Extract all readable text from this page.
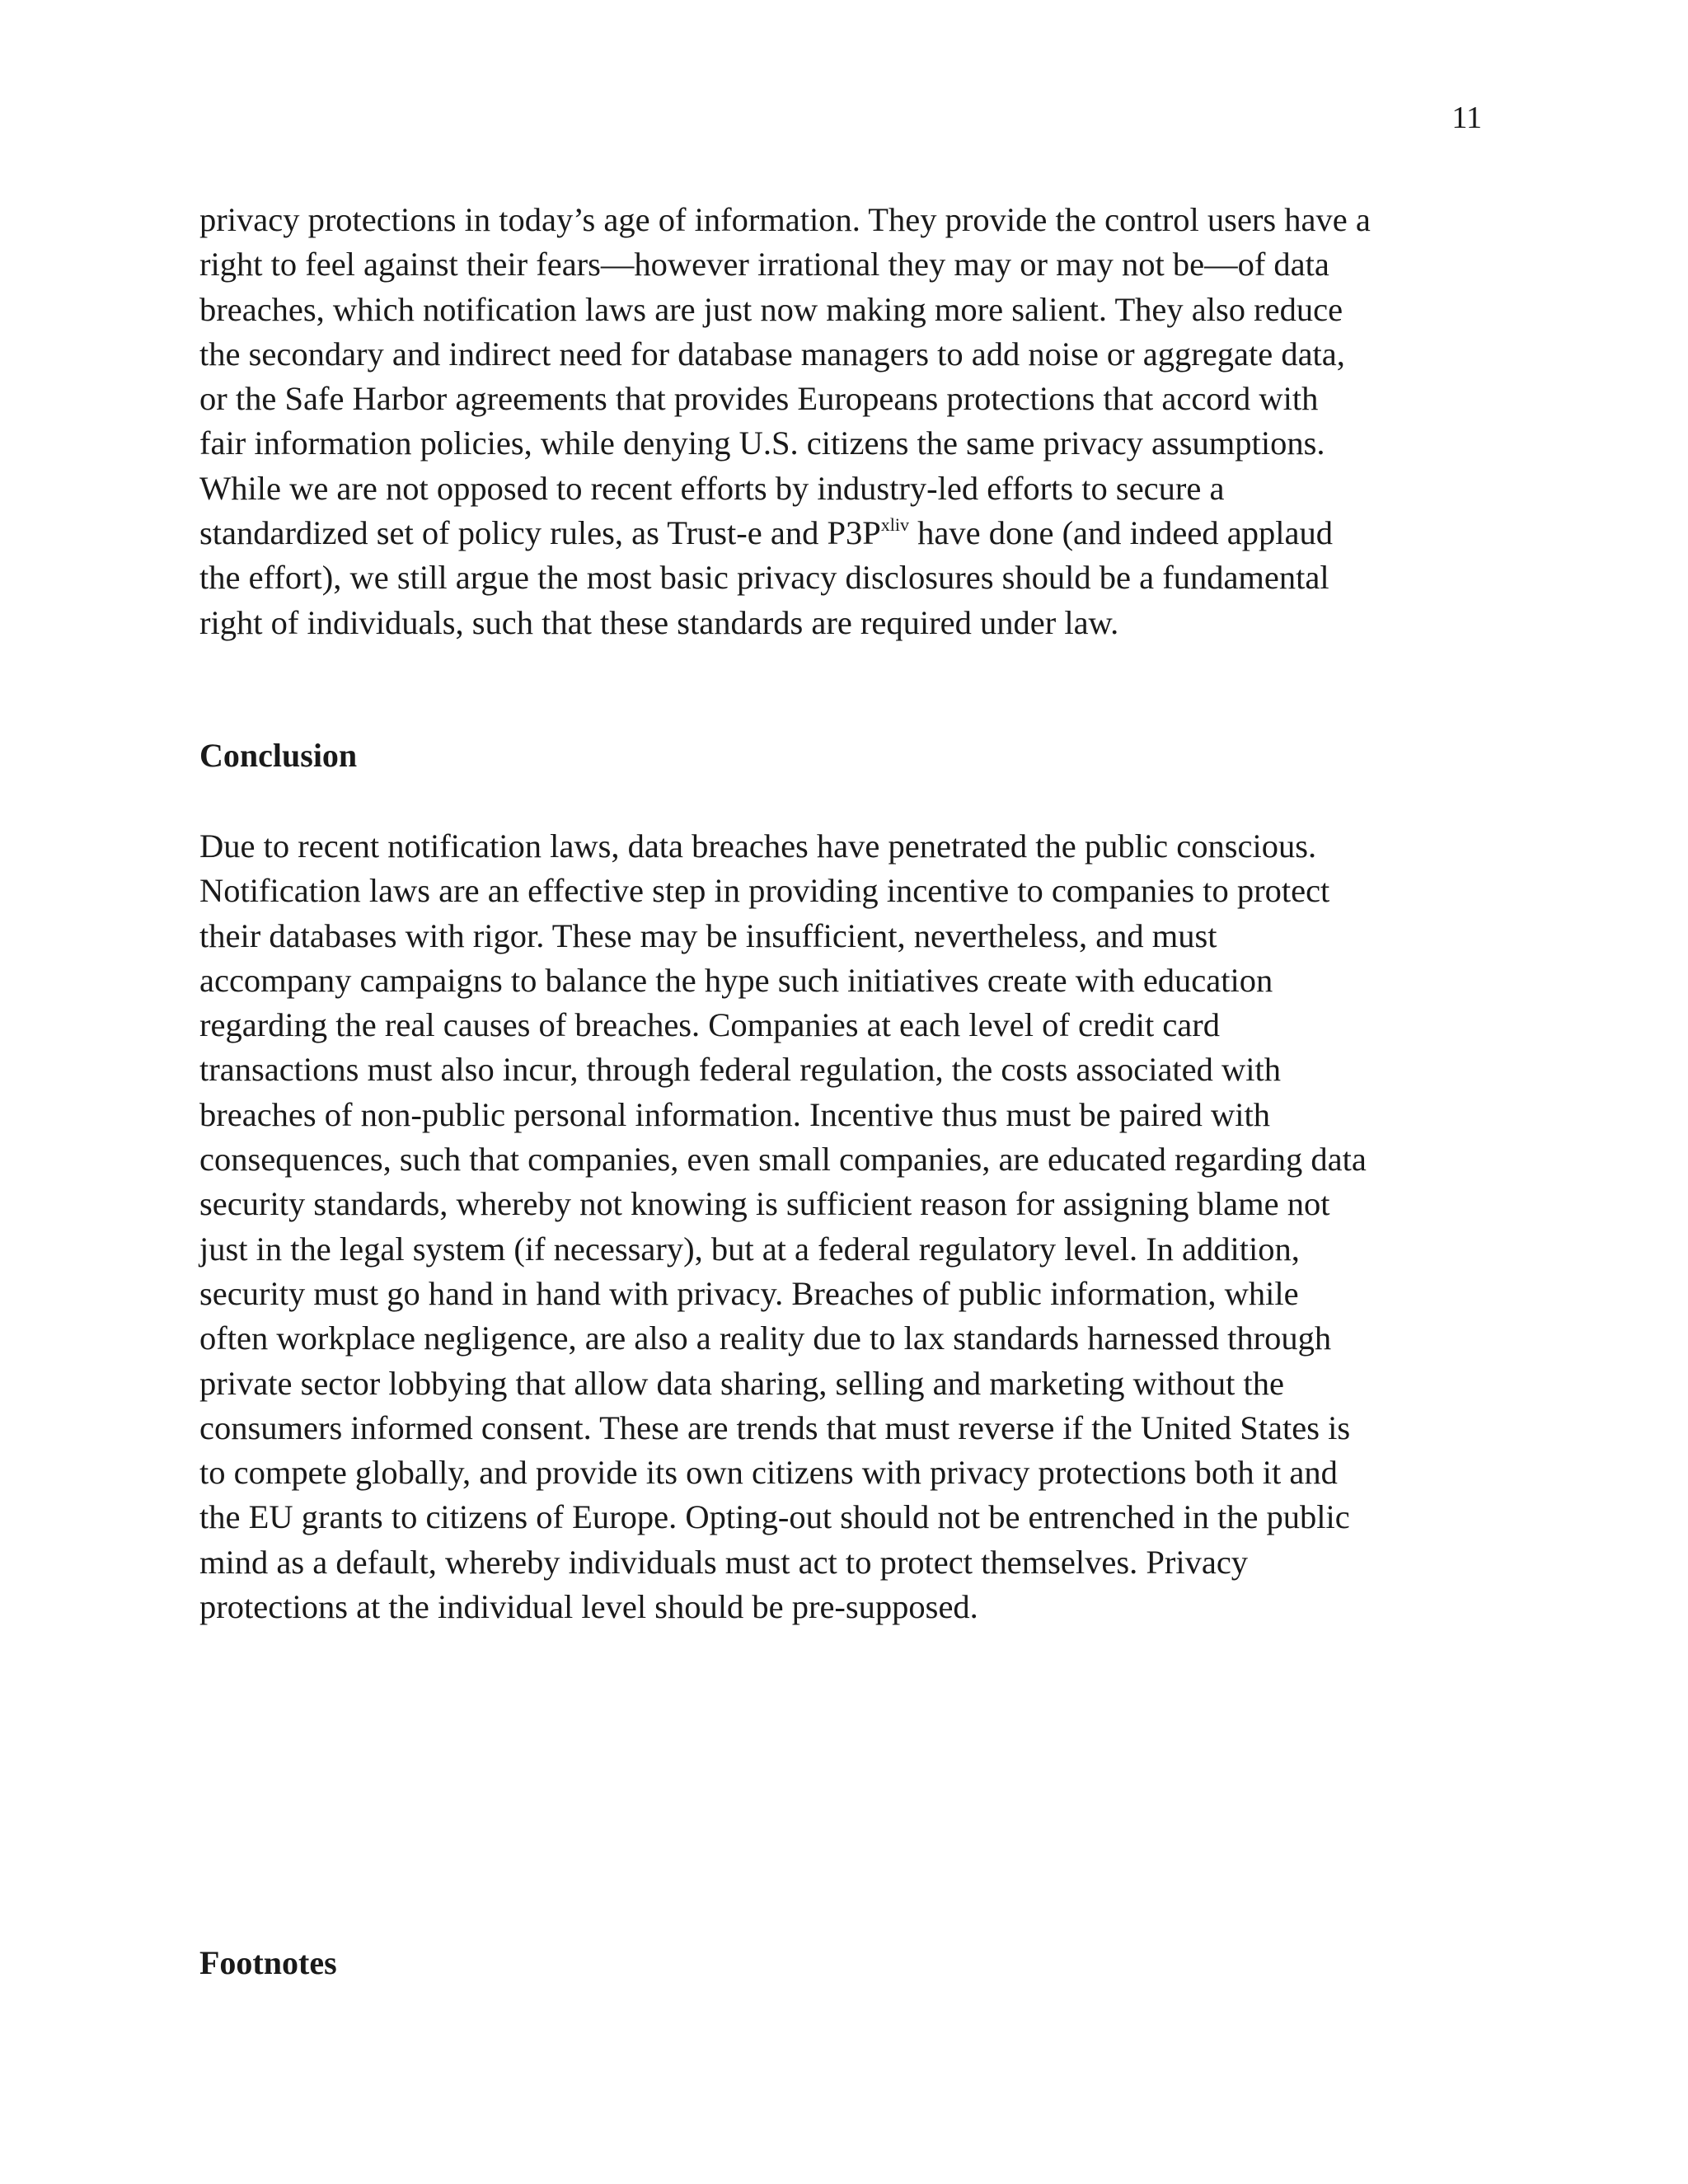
11
privacy protections in today’s age of information. They provide the control users have a
right to feel against their fears—however irrational they may or may not be—of data
breaches, which notification laws are just now making more salient. They also reduce
the secondary and indirect need for database managers to add noise or aggregate data,
or the Safe Harbor agreements that provides Europeans protections that accord with
fair information policies, while denying U.S. citizens the same privacy assumptions.
While we are not opposed to recent efforts by industry-led efforts to secure a
standardized set of policy rules, as Trust-e and P3P$^{xliv}$ have done (and indeed applaud
the effort), we still argue the most basic privacy disclosures should be a fundamental
right of individuals, such that these standards are required under law.
Conclusion
Due to recent notification laws, data breaches have penetrated the public conscious.
Notification laws are an effective step in providing incentive to companies to protect
their databases with rigor. These may be insufficient, nevertheless, and must
accompany campaigns to balance the hype such initiatives create with education
regarding the real causes of breaches. Companies at each level of credit card
transactions must also incur, through federal regulation, the costs associated with
breaches of non-public personal information. Incentive thus must be paired with
consequences, such that companies, even small companies, are educated regarding data
security standards, whereby not knowing is sufficient reason for assigning blame not
just in the legal system (if necessary), but at a federal regulatory level. In addition,
security must go hand in hand with privacy. Breaches of public information, while
often workplace negligence, are also a reality due to lax standards harnessed through
private sector lobbying that allow data sharing, selling and marketing without the
consumers informed consent. These are trends that must reverse if the United States is
to compete globally, and provide its own citizens with privacy protections both it and
the EU grants to citizens of Europe. Opting-out should not be entrenched in the public
mind as a default, whereby individuals must act to protect themselves. Privacy
protections at the individual level should be pre-supposed.
Footnotes
